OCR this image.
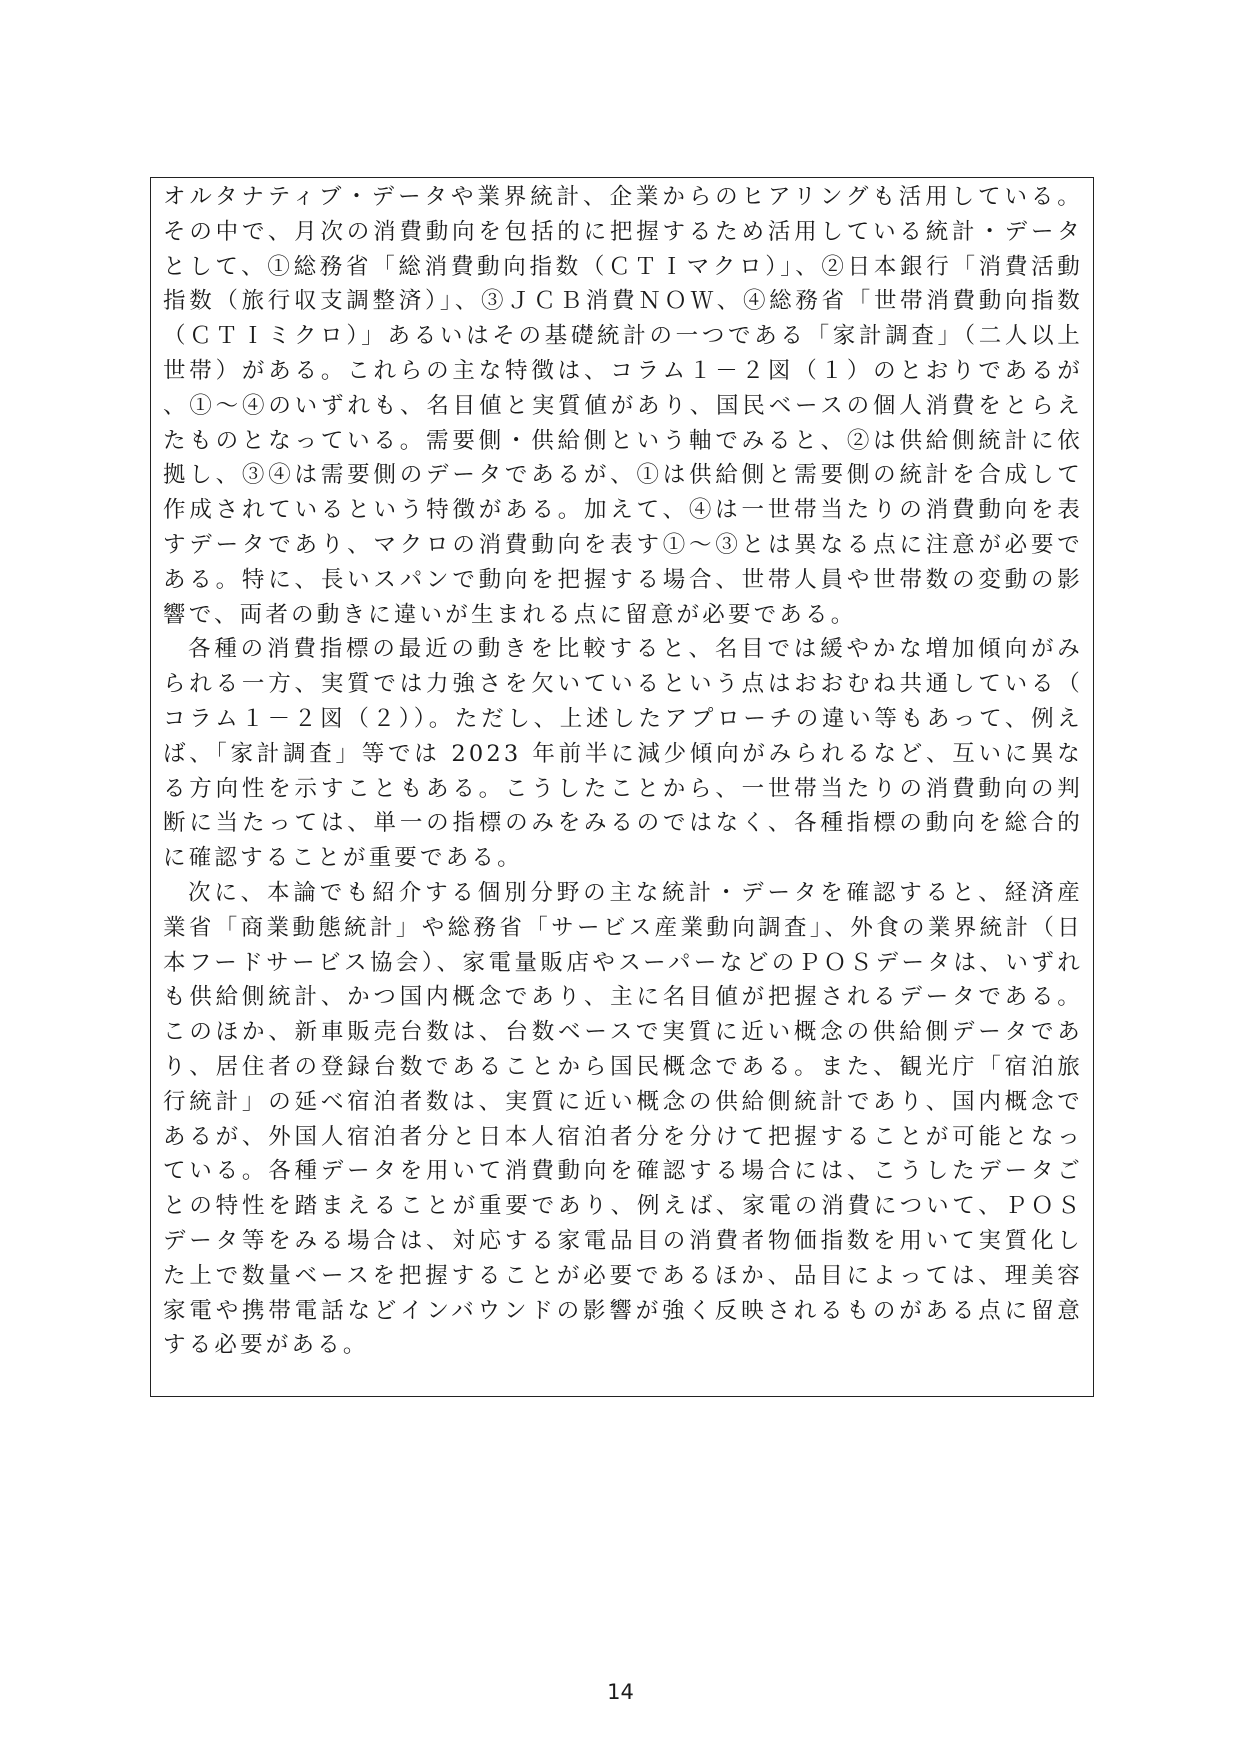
オルタナティブ・データや業界統計、企業からのヒアリングも活用している。その中で、月次の消費動向を包括的に把握するため活用している統計・データとして、①総務省「総消費動向指数（ＣＴＩマクロ）」、②日本銀行「消費活動指数（旅行収支調整済）」、③ＪＣＢ消費ＮＯＷ、④総務省「世帯消費動向指数（ＣＴＩミクロ）」あるいはその基礎統計の一つである「家計調査」（二人以上世帯）がある。これらの主な特徴は、コラム１－２図（１）のとおりであるが、①～④のいずれも、名目値と実質値があり、国民ベースの個人消費をとらえたものとなっている。需要側・供給側という軸でみると、②は供給側統計に依拠し、③④は需要側のデータであるが、①は供給側と需要側の統計を合成して作成されているという特徴がある。加えて、④は一世帯当たりの消費動向を表すデータであり、マクロの消費動向を表す①～③とは異なる点に注意が必要である。特に、長いスパンで動向を把握する場合、世帯人員や世帯数の変動の影響で、両者の動きに違いが生まれる点に留意が必要である。

各種の消費指標の最近の動きを比較すると、名目では緩やかな増加傾向がみられる一方、実質では力強さを欠いているという点はおおむね共通している（コラム１－２図（２））。ただし、上述したアプローチの違い等もあって、例えば、「家計調査」等では 2023 年前半に減少傾向がみられるなど、互いに異なる方向性を示すこともある。こうしたことから、一世帯当たりの消費動向の判断に当たっては、単一の指標のみをみるのではなく、各種指標の動向を総合的に確認することが重要である。

次に、本論でも紹介する個別分野の主な統計・データを確認すると、経済産業省「商業動態統計」や総務省「サービス産業動向調査」、外食の業界統計（日本フードサービス協会）、家電量販店やスーパーなどのＰＯＳデータは、いずれも供給側統計、かつ国内概念であり、主に名目値が把握されるデータである。このほか、新車販売台数は、台数ベースで実質に近い概念の供給側データであり、居住者の登録台数であることから国民概念である。また、観光庁「宿泊旅行統計」の延べ宿泊者数は、実質に近い概念の供給側統計であり、国内概念であるが、外国人宿泊者分と日本人宿泊者分を分けて把握することが可能となっている。各種データを用いて消費動向を確認する場合には、こうしたデータごとの特性を踏まえることが重要であり、例えば、家電の消費について、ＰＯＳデータ等をみる場合は、対応する家電品目の消費者物価指数を用いて実質化した上で数量ベースを把握することが必要であるほか、品目によっては、理美容家電や携帯電話などインバウンドの影響が強く反映されるものがある点に留意する必要がある。

14
